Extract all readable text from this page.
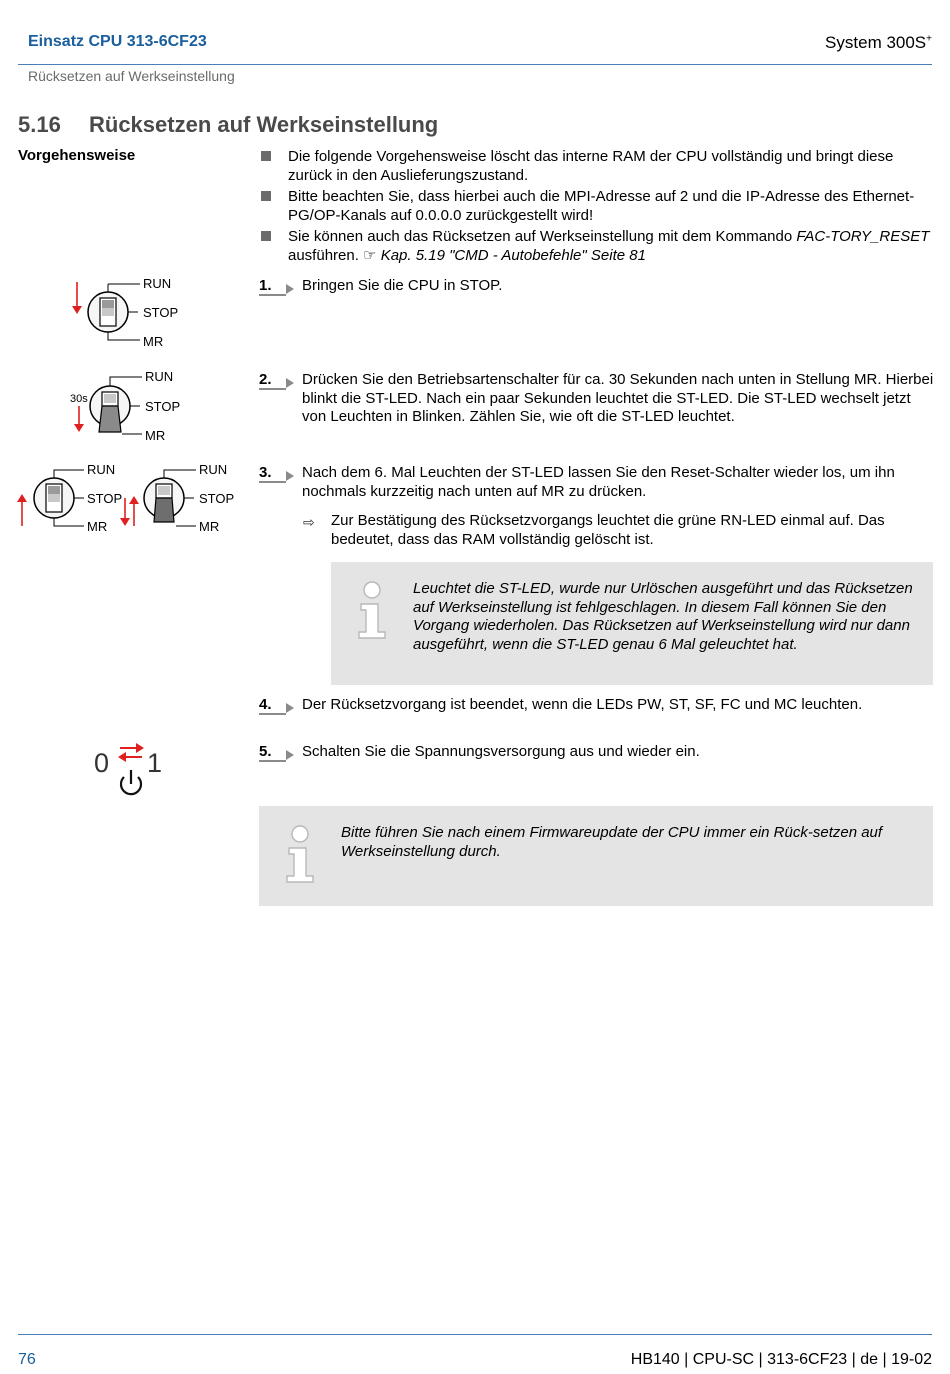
Einsatz CPU 313-6CF23	System 300S+
Rücksetzen auf Werkseinstellung
5.16 Rücksetzen auf Werkseinstellung
Vorgehensweise	Die folgende Vorgehensweise löscht das interne RAM der CPU vollständig und bringt diese zurück in den Auslieferungszustand.
Bitte beachten Sie, dass hierbei auch die MPI-Adresse auf 2 und die IP-Adresse des Ethernet-PG/OP-Kanals auf 0.0.0.0 zurückgestellt wird!
Sie können auch das Rücksetzen auf Werkseinstellung mit dem Kommando FAC-TORY_RESET ausführen. ☞ Kap. 5.19 "CMD - Autobefehle" Seite 81
RUN
STOP
MR
30s
RUN
STOP
MR
RUN
STOP
MR
RUN
STOP
MR
0 1
1.	Bringen Sie die CPU in STOP.
2.	Drücken Sie den Betriebsartenschalter für ca. 30 Sekunden nach unten in Stellung MR. Hierbei blinkt die ST-LED. Nach ein paar Sekunden leuchtet die ST-LED. Die ST-LED wechselt jetzt von Leuchten in Blinken. Zählen Sie, wie oft die ST-LED leuchtet.
3.	Nach dem 6. Mal Leuchten der ST-LED lassen Sie den Reset-Schalter wieder los, um ihn nochmals kurzzeitig nach unten auf MR zu drücken.
⇨ Zur Bestätigung des Rücksetzvorgangs leuchtet die grüne RN-LED einmal auf. Das bedeutet, dass das RAM vollständig gelöscht ist.
Leuchtet die ST-LED, wurde nur Urlöschen ausgeführt und das Rücksetzen auf Werkseinstellung ist fehlgeschlagen. In diesem Fall können Sie den Vorgang wiederholen. Das Rücksetzen auf Werkseinstellung wird nur dann ausgeführt, wenn die ST-LED genau 6 Mal geleuchtet hat.
4.	Der Rücksetzvorgang ist beendet, wenn die LEDs PW, ST, SF, FC und MC leuchten.
5.	Schalten Sie die Spannungsversorgung aus und wieder ein.
Bitte führen Sie nach einem Firmwareupdate der CPU immer ein Rück-setzen auf Werkseinstellung durch.
76	HB140 | CPU-SC | 313-6CF23 | de | 19-02
